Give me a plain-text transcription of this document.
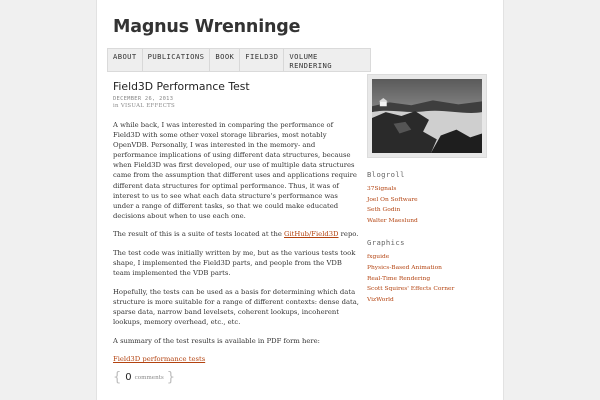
Magnus Wrenninge
ABOUT	PUBLICATIONS	BOOK	FIELD3D	VOLUME RENDERING
Field3D Performance Test
DECEMBER 26, 2013
in VISUAL EFFECTS

A while back, I was interested in comparing the performance of Field3D with some other voxel storage libraries, most notably OpenVDB. Personally, I was interested in the memory- and performance implications of using different data structures, because when Field3D was first developed, our use of multiple data structures came from the assumption that different uses and applications require different data structures for optimal performance. Thus, it was of interest to us to see what each data structure's performance was under a range of different tasks, so that we could make educated decisions about when to use each one.

The result of this is a suite of tests located at the GitHub/Field3D repo.

The test code was initially written by me, but as the various tests took shape, I implemented the Field3D parts, and people from the VDB team implemented the VDB parts.

Hopefully, the tests can be used as a basis for determining which data structure is more suitable for a range of different contexts: dense data, sparse data, narrow band levelsets, coherent lookups, incoherent lookups, memory overhead, etc., etc.

A summary of the test results is available in PDF form here:

Field3D performance tests

{ 0 comments }
Blogroll
37Signals
Joel On Software
Seth Godin
Walter Maeslund
Graphics
fxguide
Physics-Based Animation
Real-Time Rendering
Scott Squires' Effects Corner
VizWorld
